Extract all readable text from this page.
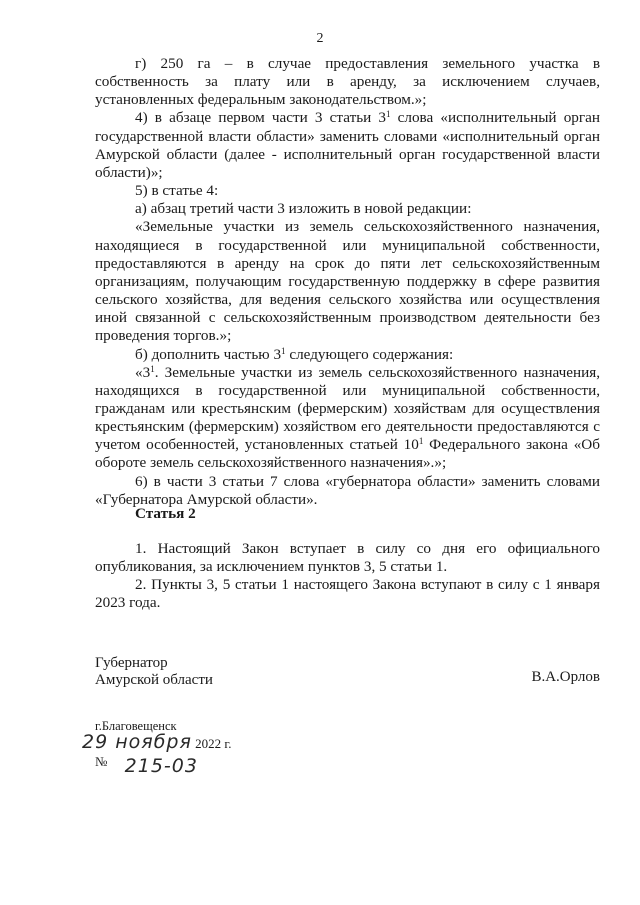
2

г) 250 га – в случае предоставления земельного участка в собственность за плату или в аренду, за исключением случаев, установленных федеральным законодательством.»;

4) в абзаце первом части 3 статьи $3^1$ слова «исполнительный орган государственной власти области» заменить словами «исполнительный орган Амурской области (далее - исполнительный орган государственной власти области)»;

5) в статье 4:

а) абзац третий части 3 изложить в новой редакции:

«Земельные участки из земель сельскохозяйственного назначения, находящиеся в государственной или муниципальной собственности, предоставляются в аренду на срок до пяти лет сельскохозяйственным организациям, получающим государственную поддержку в сфере развития сельского хозяйства, для ведения сельского хозяйства или осуществления иной связанной с сельскохозяйственным производством деятельности без проведения торгов.»;

б) дополнить частью $3^1$ следующего содержания:

«$3^1$. Земельные участки из земель сельскохозяйственного назначения, находящихся в государственной или муниципальной собственности, гражданам или крестьянским (фермерским) хозяйствам для осуществления крестьянским (фермерским) хозяйством его деятельности предоставляются с учетом особенностей, установленных статьей $10^1$ Федерального закона «Об обороте земель сельскохозяйственного назначения».»;

6) в части 3 статьи 7 слова «губернатора области» заменить словами «Губернатора Амурской области».

Статья 2

1. Настоящий Закон вступает в силу со дня его официального опубликования, за исключением пунктов 3, 5 статьи 1.

2. Пункты 3, 5 статьи 1 настоящего Закона вступают в силу с 1 января 2023 года.

Губернатор
Амурской области	В.А.Орлов
г.Благовещенск
29 ноября 2022 г.
№ 215-03
